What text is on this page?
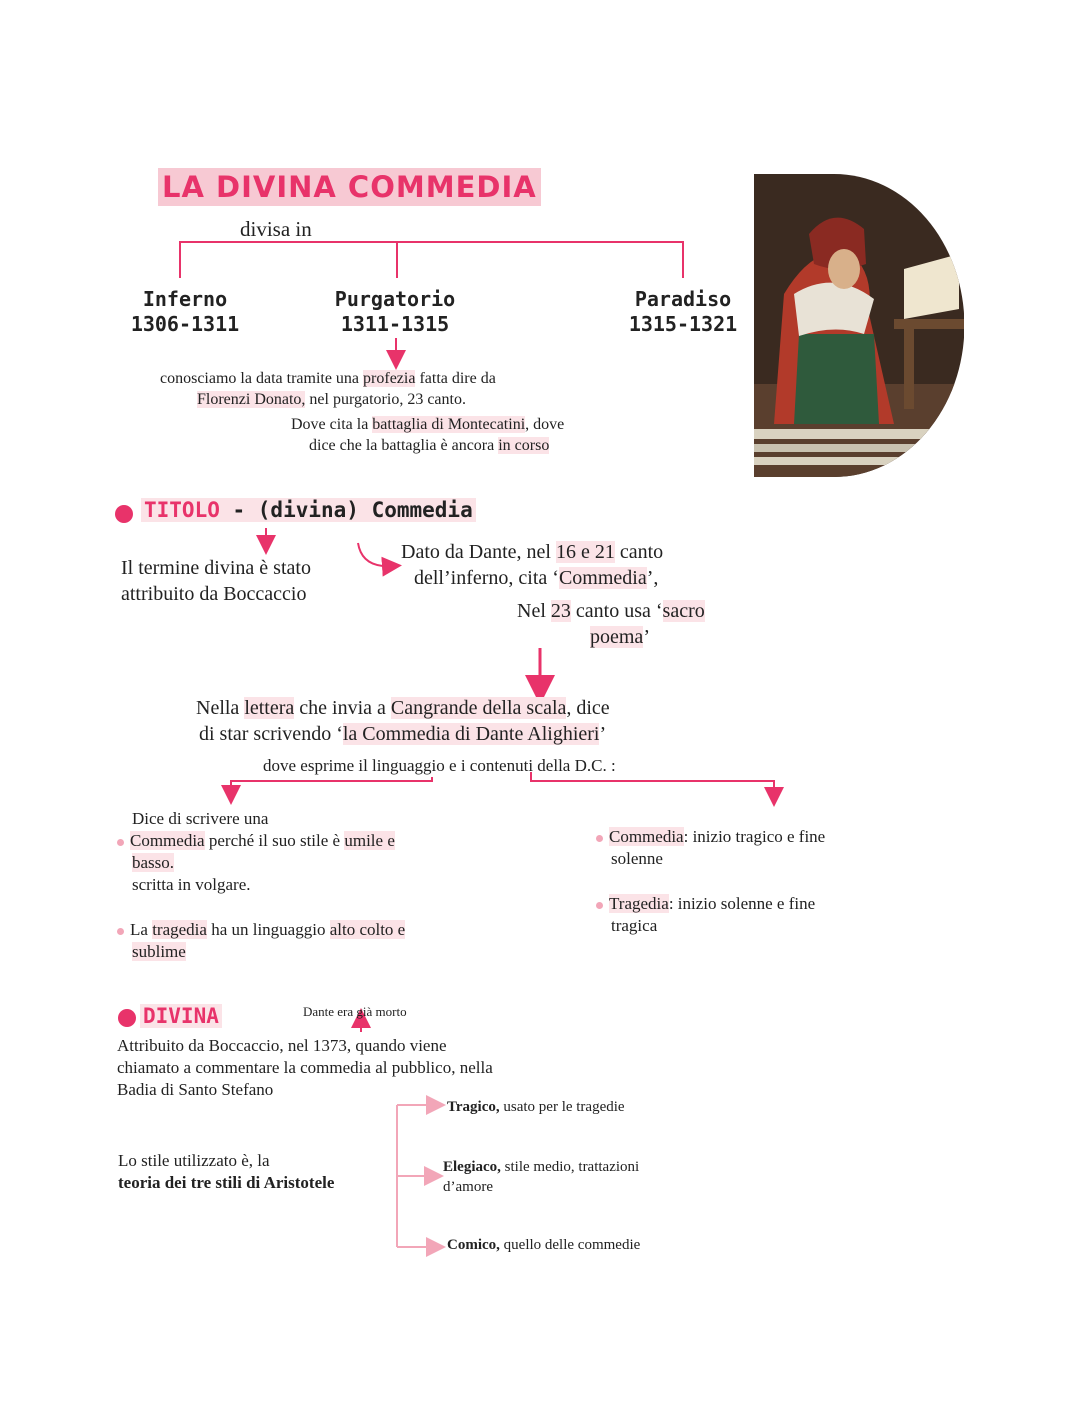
LA DIVINA COMMEDIA
divisa in
Inferno
1306-1311
Purgatorio
1311-1315
Paradiso
1315-1321
conosciamo la data tramite una profezia fatta dire da
Florenzi Donato, nel purgatorio, 23 canto.
Dove cita la battaglia di Montecatini, dove
dice che la battaglia è ancora in corso
TITOLO - (divina) Commedia
Il termine divina è stato
attribuito da Boccaccio
Dato da Dante, nel 16 e 21 canto
dell’inferno, cita ‘Commedia’,
Nel 23 canto usa ‘sacro
poema’
Nella lettera che invia a Cangrande della scala, dice
di star scrivendo ‘la Commedia di Dante Alighieri’
dove esprime il linguaggio e i contenuti della D.C. :
Dice di scrivere una
Commedia perché il suo stile è umile e
basso.
scritta in volgare.
La tragedia ha un linguaggio alto colto e
sublime
Commedia: inizio tragico e fine
solenne
Tragedia: inizio solenne e fine
tragica
DIVINA	Dante era già morto
Attribuito da Boccaccio, nel 1373, quando viene
chiamato a commentare la commedia al pubblico, nella
Badia di Santo Stefano
Lo stile utilizzato è, la
teoria dei tre stili di Aristotele
Tragico, usato per le tragedie
Elegiaco, stile medio, trattazioni
d’amore
Comico, quello delle commedie
